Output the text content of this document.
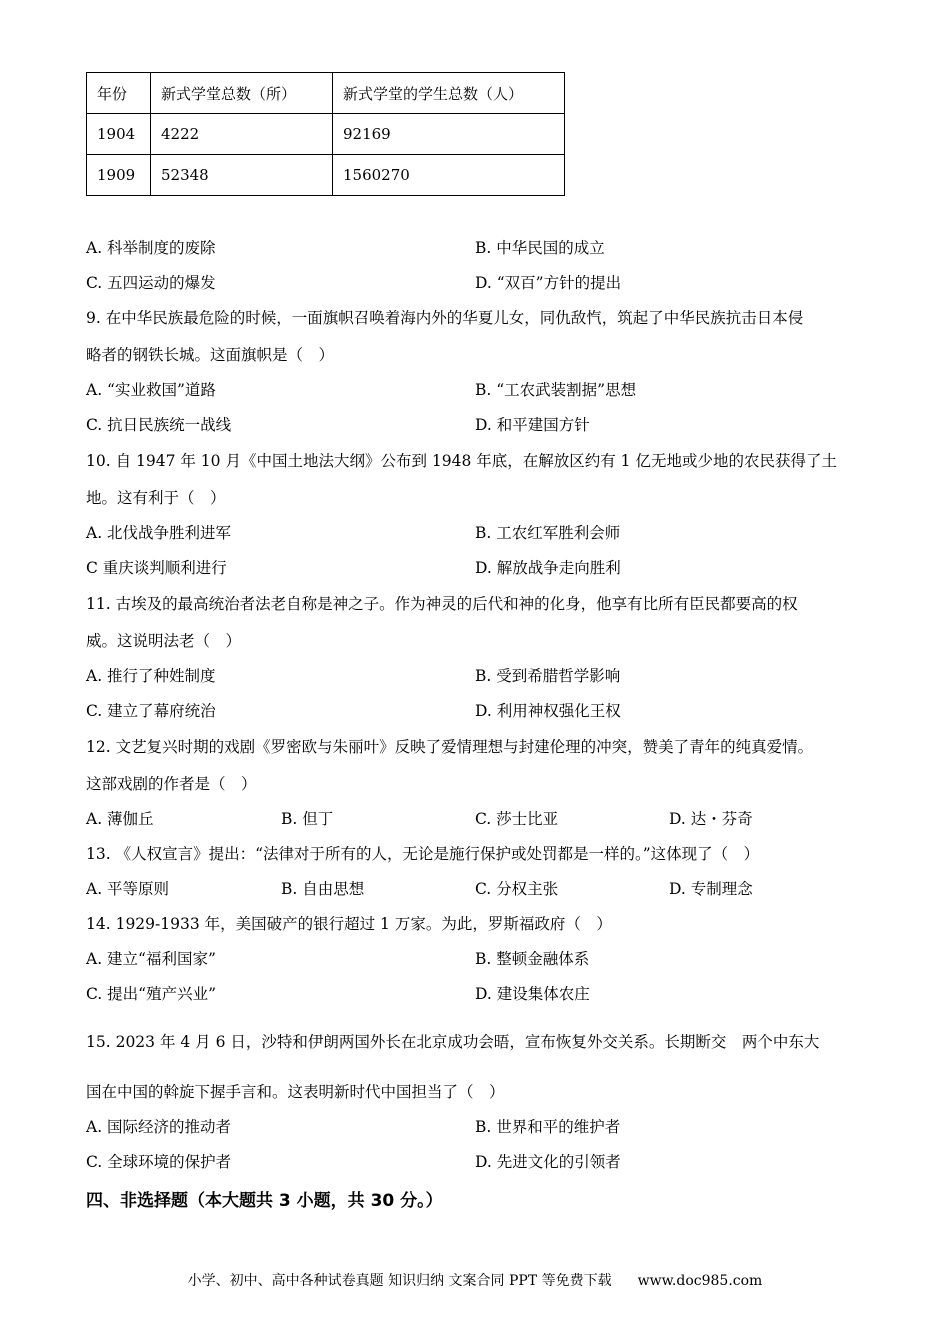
年份	新式学堂总数（所）	新式学堂的学生总数（人）
1904	4222	92169
1909	52348	1560270
A. 科举制度的废除	B. 中华民国的成立
C. 五四运动的爆发	D. “双百”方针的提出
9. 在中华民族最危险的时候，一面旗帜召唤着海内外的华夏儿女，同仇敌忾，筑起了中华民族抗击日本侵
略者的钢铁长城。这面旗帜是（　）
A. “实业救国”道路	B. “工农武装割据”思想
C. 抗日民族统一战线	D. 和平建国方针
10. 自 1947 年 10 月《中国土地法大纲》公布到 1948 年底，在解放区约有 1 亿无地或少地的农民获得了土
地。这有利于（　）
A. 北伐战争胜利进军	B. 工农红军胜利会师
C 重庆谈判顺利进行	D. 解放战争走向胜利
11. 古埃及的最高统治者法老自称是神之子。作为神灵的后代和神的化身，他享有比所有臣民都要高的权
威。这说明法老（　）
A. 推行了种姓制度	B. 受到希腊哲学影响
C. 建立了幕府统治	D. 利用神权强化王权
12. 文艺复兴时期的戏剧《罗密欧与朱丽叶》反映了爱情理想与封建伦理的冲突，赞美了青年的纯真爱情。
这部戏剧的作者是（　）
A. 薄伽丘	B. 但丁	C. 莎士比亚	D. 达・芬奇
13. 《人权宣言》提出：“法律对于所有的人，无论是施行保护或处罚都是一样的。”这体现了（　）
A. 平等原则	B. 自由思想	C. 分权主张	D. 专制理念
14. 1929-1933 年，美国破产的银行超过 1 万家。为此，罗斯福政府（　）
A. 建立“福利国家”	B. 整顿金融体系
C. 提出“殖产兴业”	D. 建设集体农庄
15. 2023 年 4 月 6 日，沙特和伊朗两国外长在北京成功会晤，宣布恢复外交关系。长期断交　两个中东大
国在中国的斡旋下握手言和。这表明新时代中国担当了（　）
A. 国际经济的推动者	B. 世界和平的维护者
C. 全球环境的保护者	D. 先进文化的引领者
四、非选择题（本大题共 3 小题，共 30 分。）
小学、初中、高中各种试卷真题 知识归纳 文案合同 PPT 等免费下载 www.doc985.com
